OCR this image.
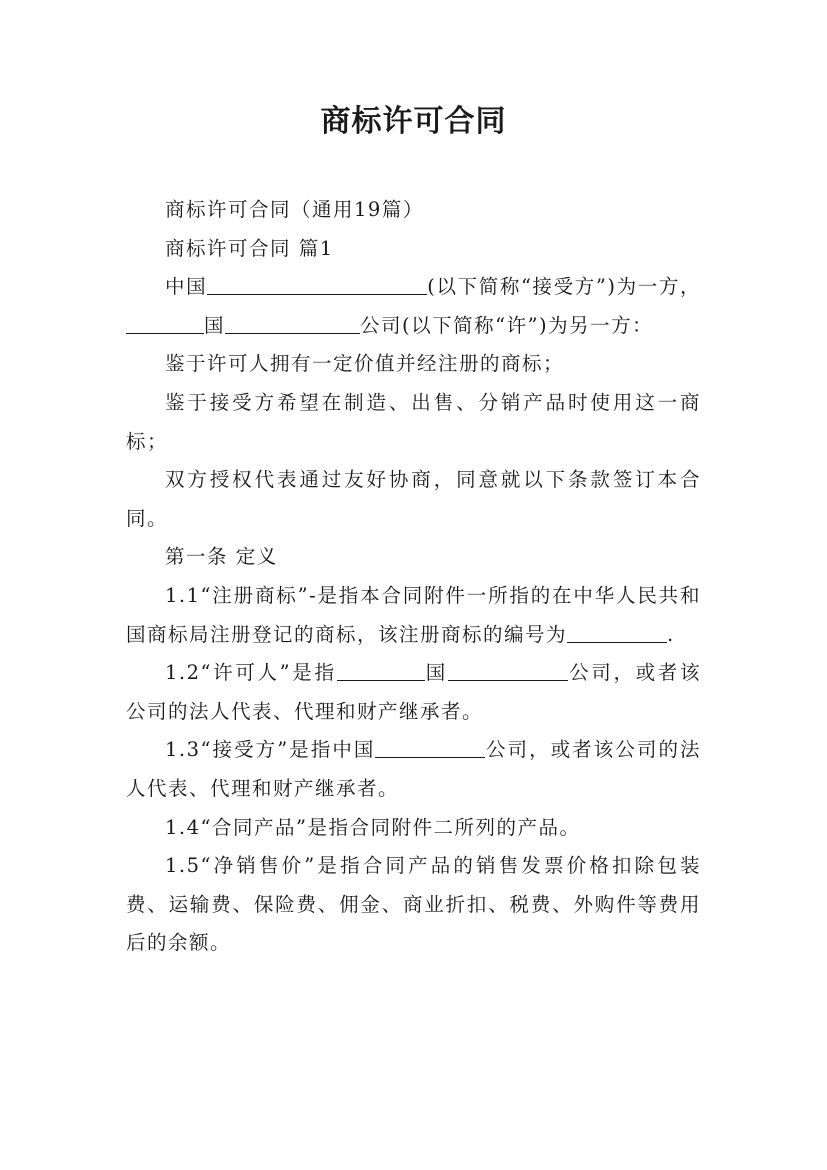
商标许可合同

商标许可合同（通用19篇）

商标许可合同 篇1

中国	(以下简称“接受方”)为一方，国	公司(以下简称“许”)为另一方：

鉴于许可人拥有一定价值并经注册的商标；

鉴于接受方希望在制造、出售、分销产品时使用这一商标；

双方授权代表通过友好协商，同意就以下条款签订本合同。

第一条 定义

1.1“注册商标”-是指本合同附件一所指的在中华人民共和国商标局注册登记的商标，该注册商标的编号为	.

1.2“许可人”是指	国	公司，或者该公司的法人代表、代理和财产继承者。

1.3“接受方”是指中国	公司，或者该公司的法人代表、代理和财产继承者。

1.4“合同产品”是指合同附件二所列的产品。

1.5“净销售价”是指合同产品的销售发票价格扣除包装费、运输费、保险费、佣金、商业折扣、税费、外购件等费用后的余额。
